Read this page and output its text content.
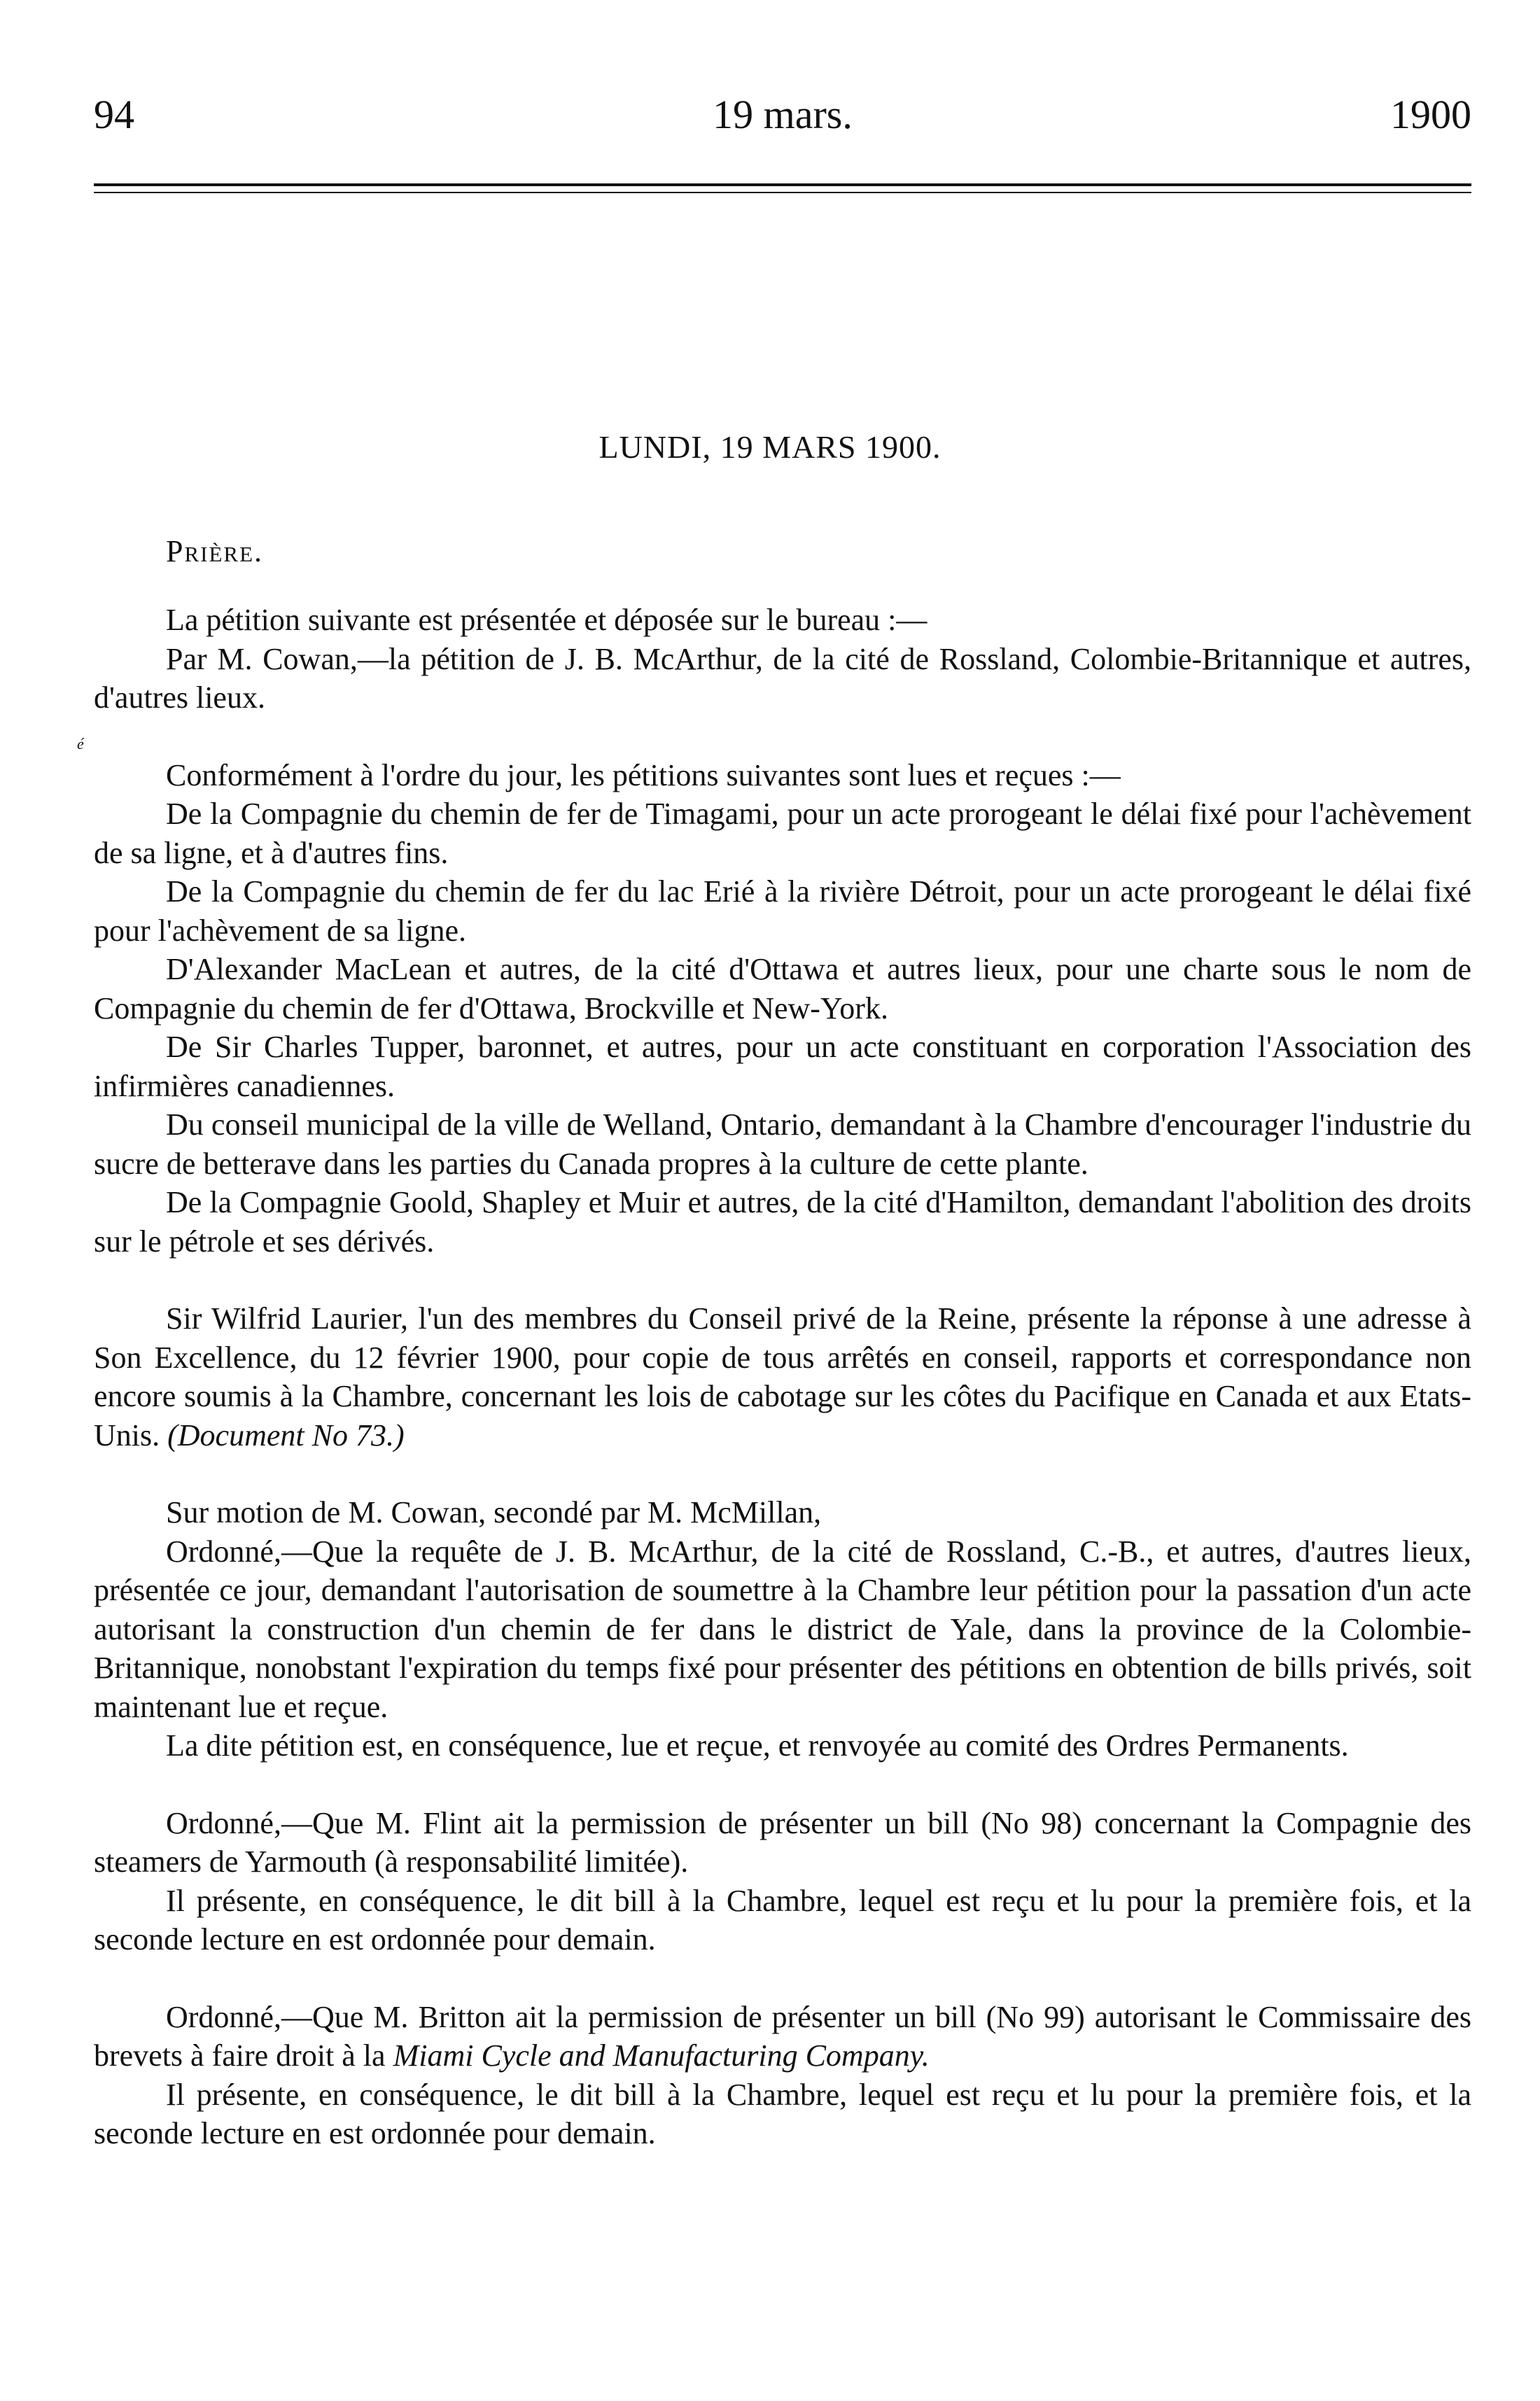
94	19 mars.	1900
LUNDI, 19 MARS 1900.
Prière.
é

La pétition suivante est présentée et déposée sur le bureau :—

Par M. Cowan,—la pétition de J. B. McArthur, de la cité de Rossland, Colombie-Britannique et autres, d'autres lieux.

Conformément à l'ordre du jour, les pétitions suivantes sont lues et reçues :—

De la Compagnie du chemin de fer de Timagami, pour un acte prorogeant le délai fixé pour l'achèvement de sa ligne, et à d'autres fins.

De la Compagnie du chemin de fer du lac Erié à la rivière Détroit, pour un acte prorogeant le délai fixé pour l'achèvement de sa ligne.

D'Alexander MacLean et autres, de la cité d'Ottawa et autres lieux, pour une charte sous le nom de Compagnie du chemin de fer d'Ottawa, Brockville et New-York.

De Sir Charles Tupper, baronnet, et autres, pour un acte constituant en corporation l'Association des infirmières canadiennes.

Du conseil municipal de la ville de Welland, Ontario, demandant à la Chambre d'encourager l'industrie du sucre de betterave dans les parties du Canada propres à la culture de cette plante.

De la Compagnie Goold, Shapley et Muir et autres, de la cité d'Hamilton, demandant l'abolition des droits sur le pétrole et ses dérivés.

Sir Wilfrid Laurier, l'un des membres du Conseil privé de la Reine, présente la réponse à une adresse à Son Excellence, du 12 février 1900, pour copie de tous arrêtés en conseil, rapports et correspondance non encore soumis à la Chambre, concernant les lois de cabotage sur les côtes du Pacifique en Canada et aux Etats-Unis. (Document No 73.)

Sur motion de M. Cowan, secondé par M. McMillan,

Ordonné,—Que la requête de J. B. McArthur, de la cité de Rossland, C.-B., et autres, d'autres lieux, présentée ce jour, demandant l'autorisation de soumettre à la Chambre leur pétition pour la passation d'un acte autorisant la construction d'un chemin de fer dans le district de Yale, dans la province de la Colombie-Britannique, nonobstant l'expiration du temps fixé pour présenter des pétitions en obtention de bills privés, soit maintenant lue et reçue.

La dite pétition est, en conséquence, lue et reçue, et renvoyée au comité des Ordres Permanents.

Ordonné,—Que M. Flint ait la permission de présenter un bill (No 98) concernant la Compagnie des steamers de Yarmouth (à responsabilité limitée).

Il présente, en conséquence, le dit bill à la Chambre, lequel est reçu et lu pour la première fois, et la seconde lecture en est ordonnée pour demain.

Ordonné,—Que M. Britton ait la permission de présenter un bill (No 99) autorisant le Commissaire des brevets à faire droit à la Miami Cycle and Manufacturing Company.

Il présente, en conséquence, le dit bill à la Chambre, lequel est reçu et lu pour la première fois, et la seconde lecture en est ordonnée pour demain.
